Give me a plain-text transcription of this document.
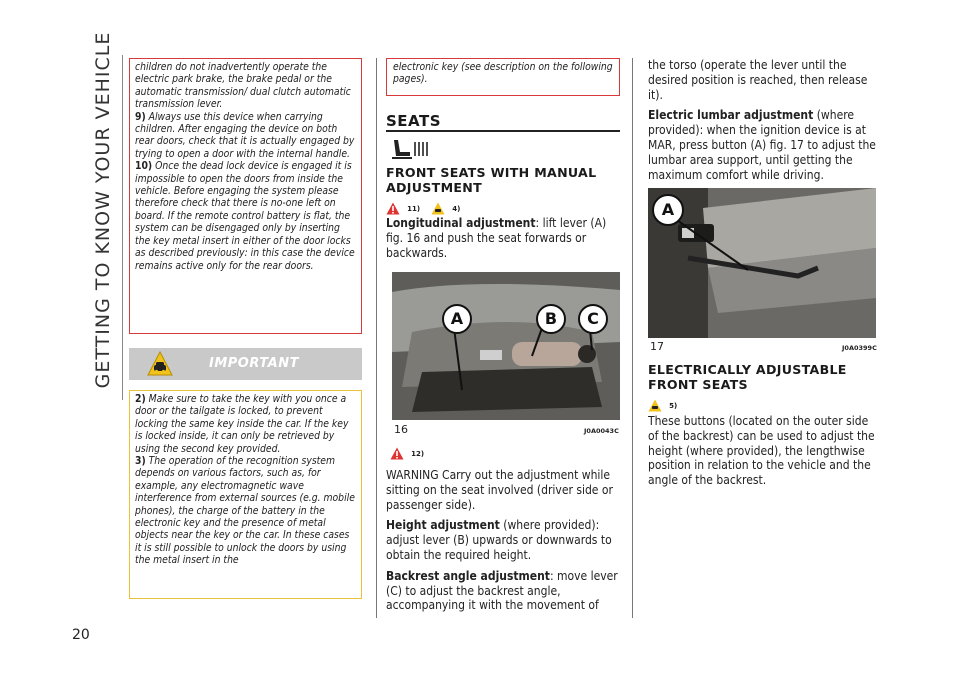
GETTING TO KNOW YOUR VEHICLE
20

children do not inadvertently operate the electric park brake, the brake pedal or the automatic transmission/ dual clutch automatic transmission lever.

9) Always use this device when carrying children. After engaging the device on both rear doors, check that it is actually engaged by trying to open a door with the internal handle.

10) Once the dead lock device is engaged it is impossible to open the doors from inside the vehicle. Before engaging the system please therefore check that there is no-one left on board. If the remote control battery is flat, the system can be disengaged only by inserting the key metal insert in either of the door locks as described previously: in this case the device remains active only for the rear doors.

IMPORTANT

2) Make sure to take the key with you once a door or the tailgate is locked, to prevent locking the same key inside the car. If the key is locked inside, it can only be retrieved by using the second key provided.

3) The operation of the recognition system depends on various factors, such as, for example, any electromagnetic wave interference from external sources (e.g. mobile phones), the charge of the battery in the electronic key and the presence of metal objects near the key or the car. In these cases it is still possible to unlock the doors by using the metal insert in the

electronic key (see description on the following pages).

SEATS

FRONT SEATS WITH MANUAL ADJUSTMENT

11)	4)

Longitudinal adjustment: lift lever (A) fig. 16 and push the seat forwards or backwards.

A	B	C
16	J0A0043C
12)

WARNING Carry out the adjustment while sitting on the seat involved (driver side or passenger side).

Height adjustment (where provided): adjust lever (B) upwards or downwards to obtain the required height.

Backrest angle adjustment: move lever (C) to adjust the backrest angle, accompanying it with the movement of

the torso (operate the lever until the desired position is reached, then release it).

Electric lumbar adjustment (where provided): when the ignition device is at MAR, press button (A) fig. 17 to adjust the lumbar area support, until getting the maximum comfort while driving.

A
17	J0A0399C

ELECTRICALLY ADJUSTABLE FRONT SEATS

5)

These buttons (located on the outer side of the backrest) can be used to adjust the height (where provided), the lengthwise position in relation to the vehicle and the angle of the backrest.
